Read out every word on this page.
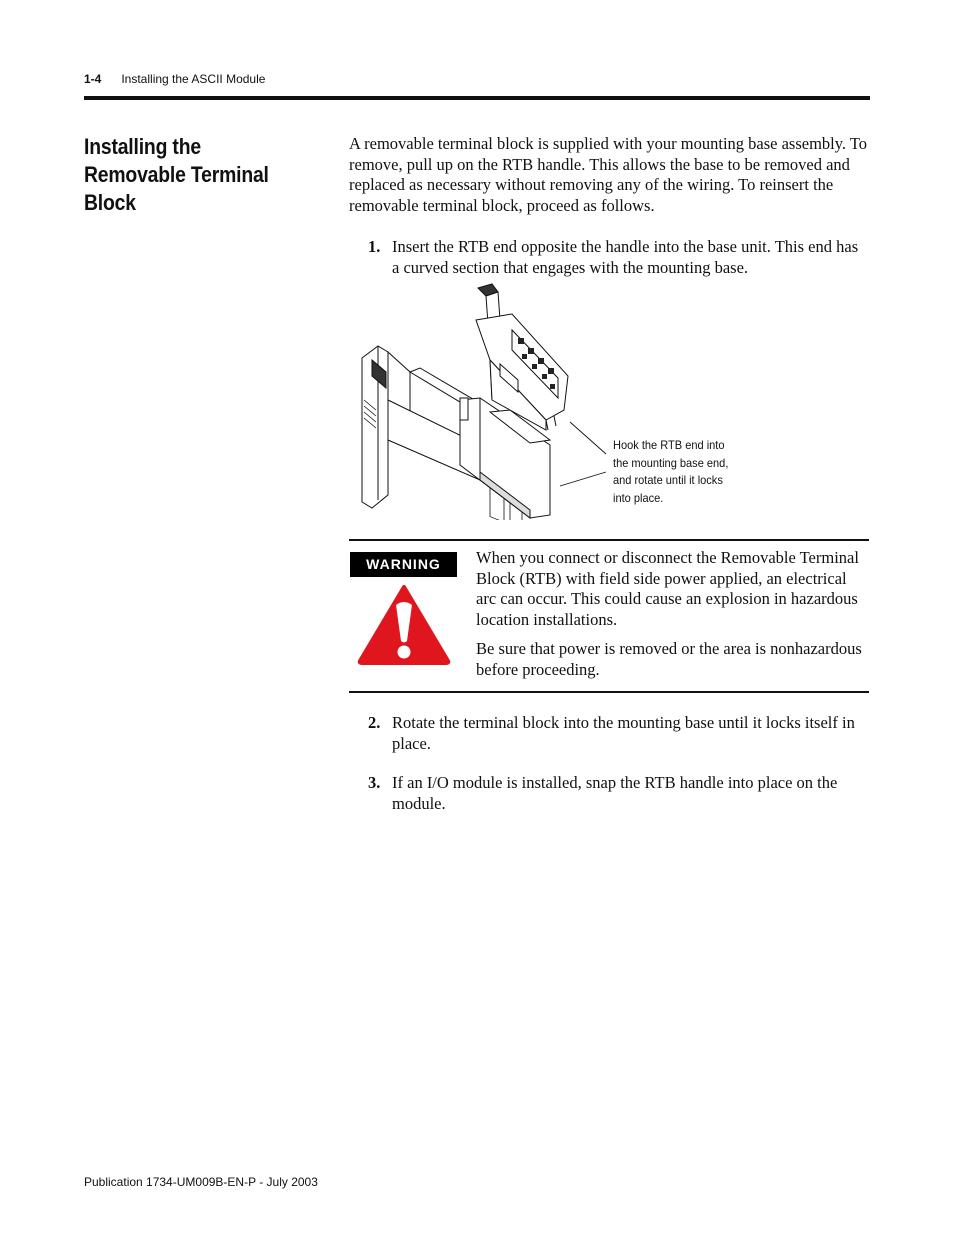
1-4 Installing the ASCII Module
Installing the Removable Terminal Block
A removable terminal block is supplied with your mounting base assembly. To remove, pull up on the RTB handle. This allows the base to be removed and replaced as necessary without removing any of the wiring. To reinsert the removable terminal block, proceed as follows.
1. Insert the RTB end opposite the handle into the base unit. This end has a curved section that engages with the mounting base.
Hook the RTB end into the mounting base end, and rotate until it locks into place.
WARNING	When you connect or disconnect the Removable Terminal Block (RTB) with field side power applied, an electrical arc can occur. This could cause an explosion in hazardous location installations.

Be sure that power is removed or the area is nonhazardous before proceeding.

2. Rotate the terminal block into the mounting base until it locks itself in place.
3. If an I/O module is installed, snap the RTB handle into place on the module.
Publication 1734-UM009B-EN-P - July 2003
